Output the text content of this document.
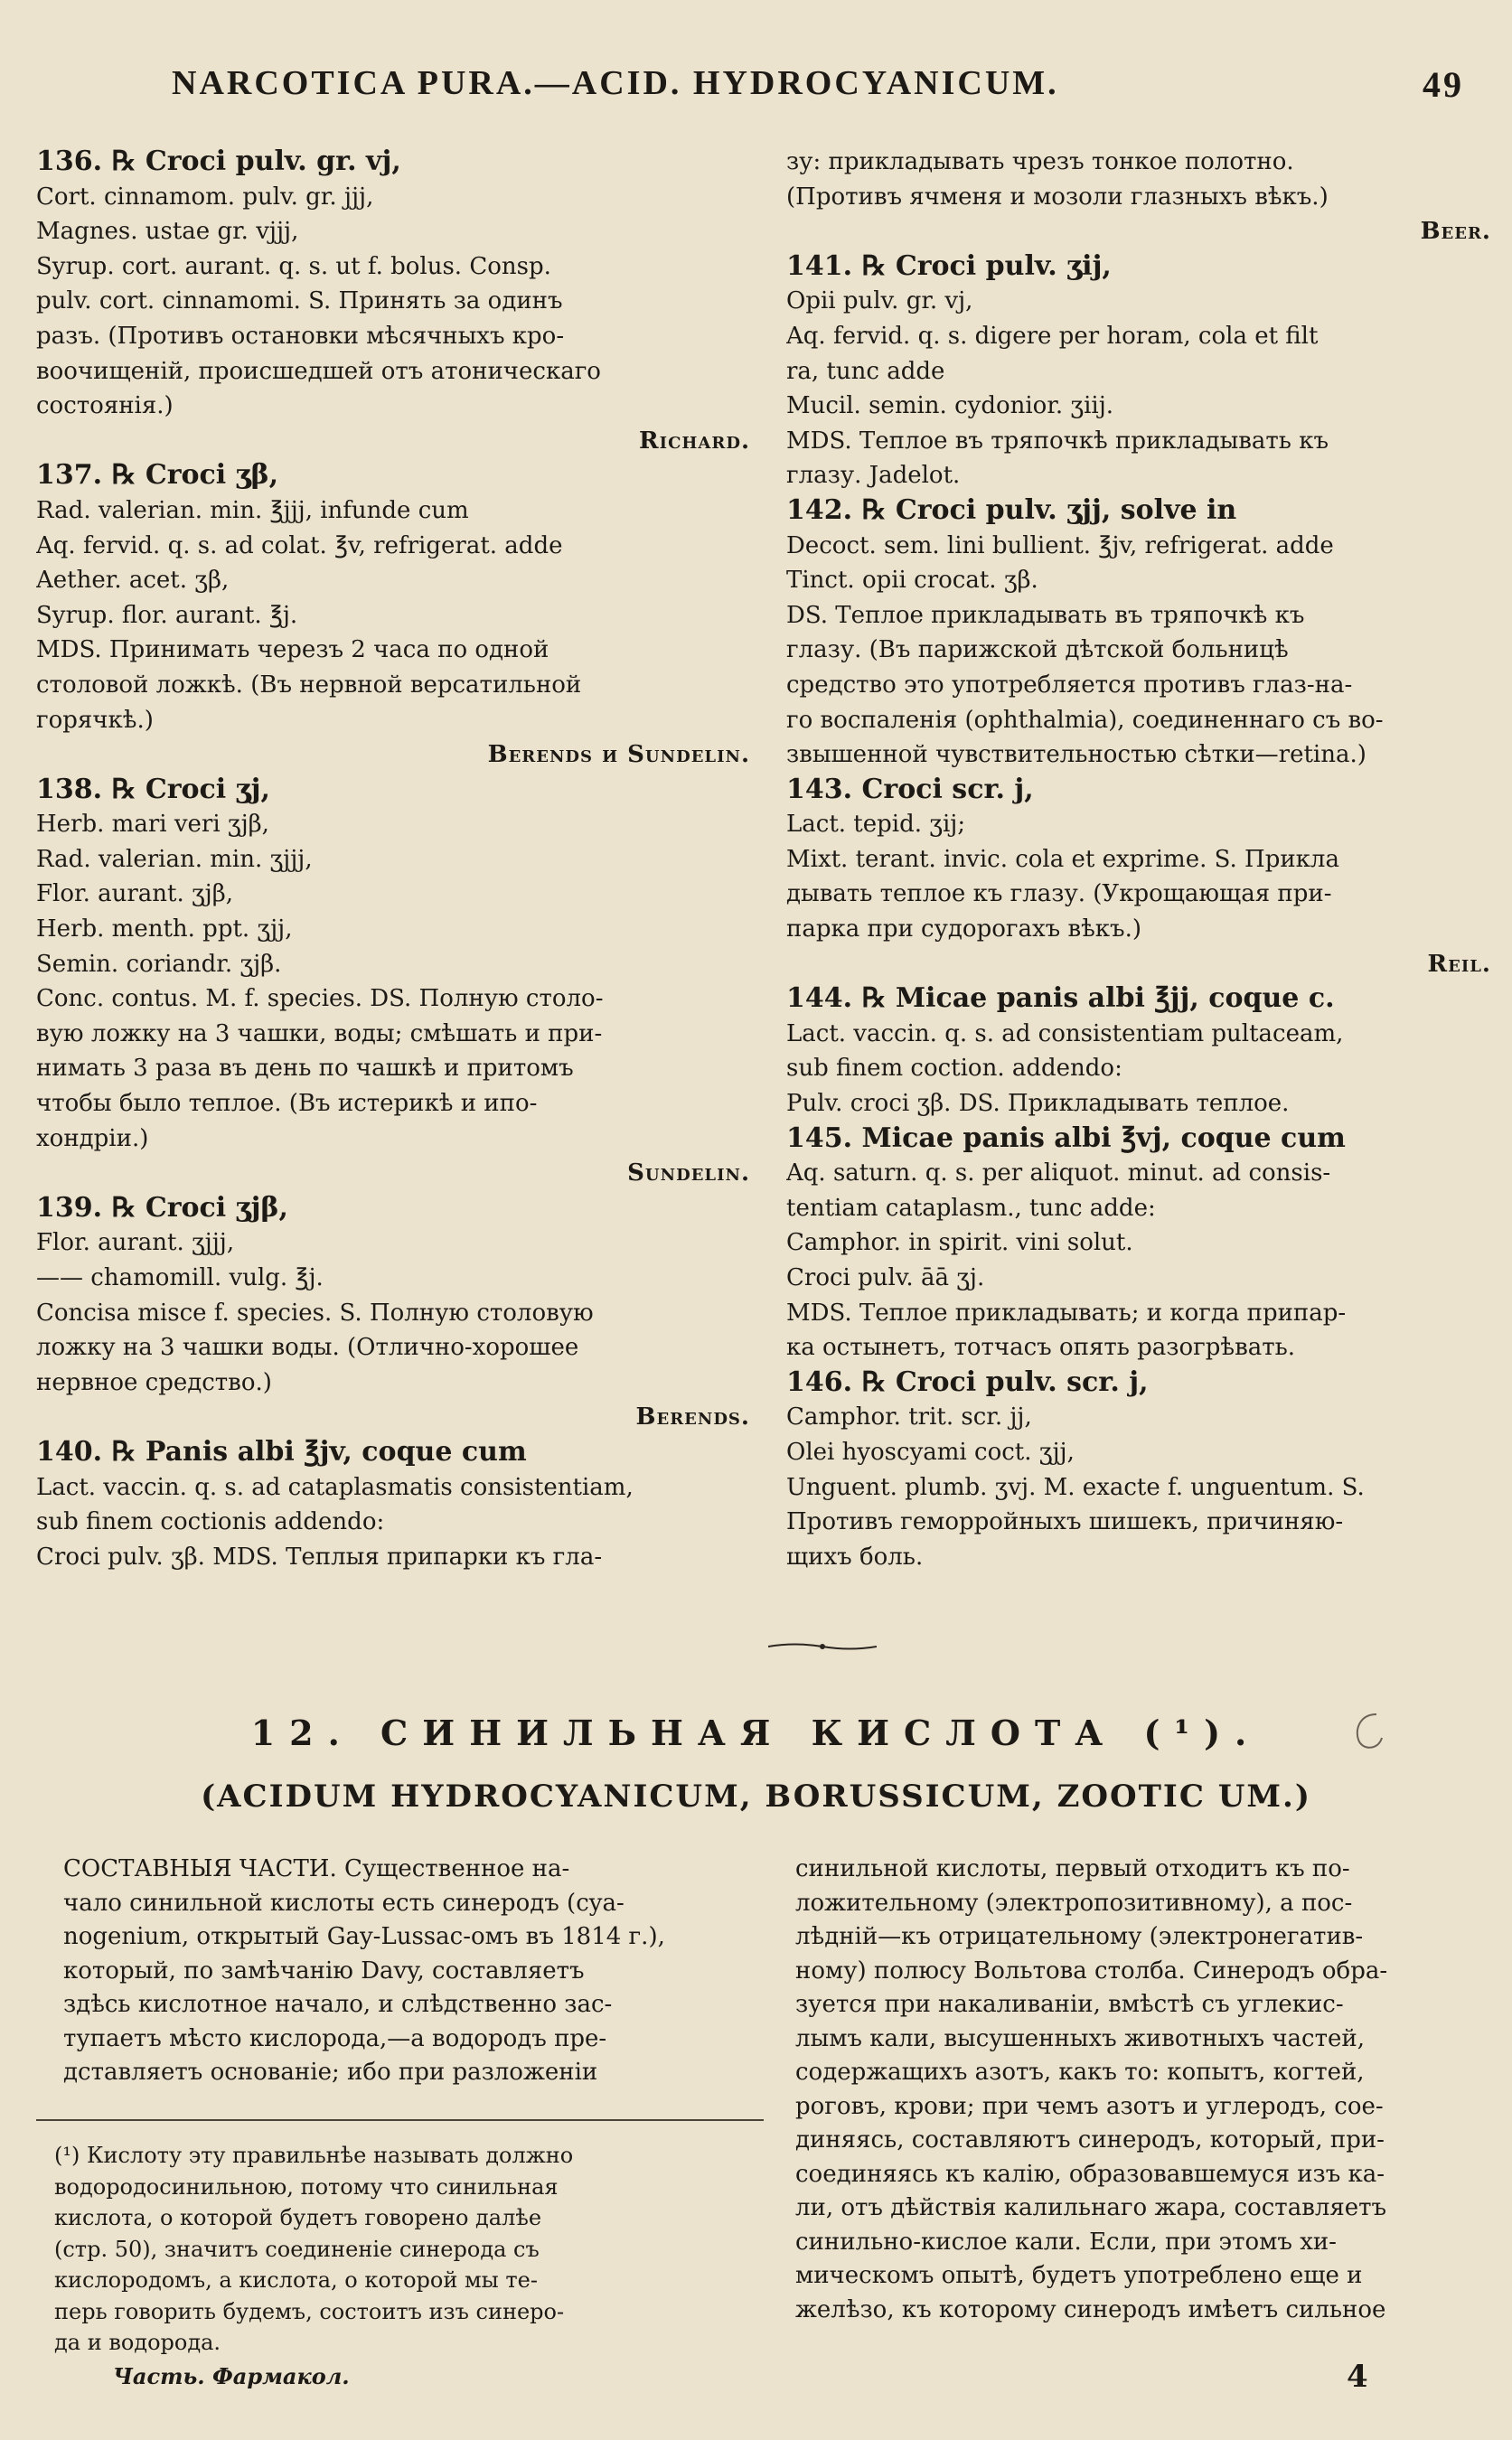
NARCOTICA PURA.—ACID. HYDROCYANICUM.	49
136. ℞ Croci pulv. gr. vj,
Cort. cinnamom. pulv. gr. jjj,
Magnes. ustae gr. vjjj,
Syrup. cort. aurant. q. s. ut f. bolus. Consp.
pulv. cort. cinnamomi. S. Принять за одинъ
разъ. (Противъ остановки мѣсячныхъ кро-
воочищеній, происшедшей отъ атоническаго
состоянія.)
Richard.
137. ℞ Croci ʒβ,
Rad. valerian. min. ℥jjj, infunde cum
Aq. fervid. q. s. ad colat. ℥v, refrigerat. adde
Aether. acet. ʒβ,
Syrup. flor. aurant. ℥j.
MDS. Принимать черезъ 2 часа по одной
столовой ложкѣ. (Въ нервной версатильной
горячкѣ.)
Berends и Sundelin.
138. ℞ Croci ʒj,
Herb. mari veri ʒjβ,
Rad. valerian. min. ʒjjj,
Flor. aurant. ʒjβ,
Herb. menth. ppt. ʒjj,
Semin. coriandr. ʒjβ.
Conc. contus. M. f. species. DS. Полную столо-
вую ложку на 3 чашки, воды; смѣшать и при-
нимать 3 раза въ день по чашкѣ и притомъ
чтобы было теплое. (Въ истерикѣ и ипо-
хондріи.)
Sundelin.
139. ℞ Croci ʒjβ,
Flor. aurant. ʒjjj,
—— chamomill. vulg. ℥j.
Concisa misce f. species. S. Полную столовую
ложку на 3 чашки воды. (Отлично-хорошее
нервное средство.)
Berends.
140. ℞ Panis albi ℥jv, coque cum
Lact. vaccin. q. s. ad cataplasmatis consistentiam,
sub finem coctionis addendo:
Croci pulv. ʒβ. MDS. Теплыя припарки къ гла-
зу: прикладывать чрезъ тонкое полотно.
(Противъ ячменя и мозоли глазныхъ вѣкъ.)
Beer.
141. ℞ Croci pulv. ʒij,
Opii pulv. gr. vj,
Aq. fervid. q. s. digere per horam, cola et filt
ra, tunc adde
Mucil. semin. cydonior. ʒiij.
MDS. Теплое въ тряпочкѣ прикладывать къ
глазу. Jadelot.
142. ℞ Croci pulv. ʒjj, solve in
Decoct. sem. lini bullient. ℥jv, refrigerat. adde
Tinct. opii crocat. ʒβ.
DS. Теплое прикладывать въ тряпочкѣ къ
глазу. (Въ парижской дѣтской больницѣ
средство это употребляется противъ глаз-на-
го воспаленія (ophthalmia), соединеннаго съ во-
звышенной чувствительностью сѣтки—retina.)
143. Croci scr. j,
Lact. tepid. ʒij;
Mixt. terant. invic. cola et exprime. S. Прикла
дывать теплое къ глазу. (Укрощающая при-
парка при судорогахъ вѣкъ.)
Reil.
144. ℞ Micae panis albi ℥jj, coque c.
Lact. vaccin. q. s. ad consistentiam pultaceam,
sub finem coction. addendo:
Pulv. croci ʒβ. DS. Прикладывать теплое.
145. Micae panis albi ℥vj, coque cum
Aq. saturn. q. s. per aliquot. minut. ad consis-
tentiam cataplasm., tunc adde:
Camphor. in spirit. vini solut.
Croci pulv. āā ʒj.
MDS. Теплое прикладывать; и когда припар-
ка остынетъ, тотчасъ опять разогрѣвать.
146. ℞ Croci pulv. scr. j,
Camphor. trit. scr. jj,
Olei hyoscyami coct. ʒjj,
Unguent. plumb. ʒvj. M. exacte f. unguentum. S.
Противъ геморройныхъ шишекъ, причиняю-
щихъ боль.
12. СИНИЛЬНАЯ КИСЛОТА (¹).
(ACIDUM HYDROCYANICUM, BORUSSICUM, ZOOTIC UM.)
СОСТАВНЫЯ ЧАСТИ. Существенное на-
чало синильной кислоты есть синеродъ (cya-
nogenium, открытый Gay-Lussac-омъ въ 1814 г.),
который, по замѣчанію Davy, составляетъ
здѣсь кислотное начало, и слѣдственно зас-
тупаетъ мѣсто кислорода,—а водородъ пре-
дставляетъ основаніе; ибо при разложеніи
синильной кислоты, первый отходитъ къ по-
ложительному (электропозитивному), а пос-
лѣдній—къ отрицательному (электронегатив-
ному) полюсу Вольтова столба. Синеродъ обра-
зуется при накаливаніи, вмѣстѣ съ углекис-
лымъ кали, высушенныхъ животныхъ частей,
содержащихъ азотъ, какъ то: копытъ, когтей,
роговъ, крови; при чемъ азотъ и углеродъ, сое-
диняясь, составляютъ синеродъ, который, при-
соединяясь къ калію, образовавшемуся изъ ка-
ли, отъ дѣйствія калильнаго жара, составляетъ
синильно-кислое кали. Если, при этомъ хи-
мическомъ опытѣ, будетъ употреблено еще и
желѣзо, къ которому синеродъ имѣетъ сильное
(¹) Кислоту эту правильнѣе называть должно
водородосинильною, потому что синильная
кислота, о которой будетъ говорено далѣе
(стр. 50), значитъ соединеніе синерода съ
кислородомъ, а кислота, о которой мы те-
перь говорить будемъ, состоитъ изъ синеро-
да и водорода.
Часть. Фармакол.	4
